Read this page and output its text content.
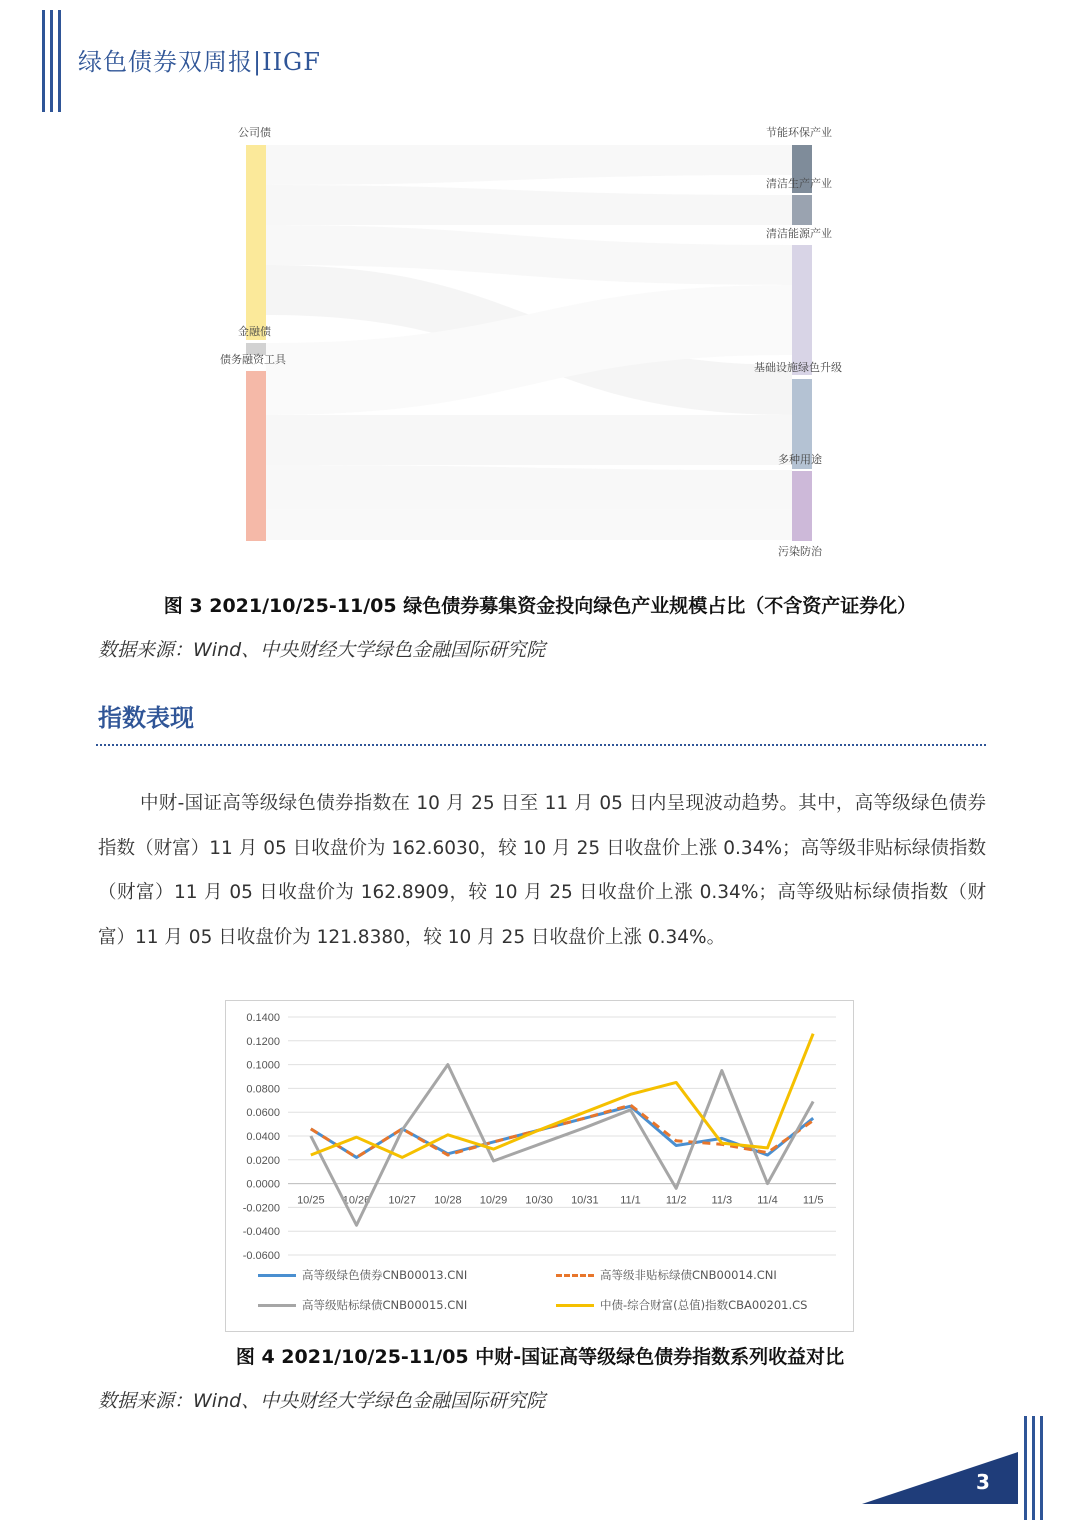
绿色债券双周报|IIGF
公司债
金融债
债务融资工具
节能环保产业
清洁生产产业
清洁能源产业
基础设施绿色升级
多种用途
污染防治
图 3 2021/10/25-11/05 绿色债券募集资金投向绿色产业规模占比（不含资产证券化）
数据来源：Wind、中央财经大学绿色金融国际研究院
指数表现
中财-国证高等级绿色债券指数在 10 月 25 日至 11 月 05 日内呈现波动趋势。其中，高等级绿色债券指数（财富）11 月 05 日收盘价为 162.6030，较 10 月 25 日收盘价上涨 0.34%；高等级非贴标绿债指数（财富）11 月 05 日收盘价为 162.8909，较 10 月 25 日收盘价上涨 0.34%；高等级贴标绿债指数（财富）11 月 05 日收盘价为 121.8380，较 10 月 25 日收盘价上涨 0.34%。
0.1400
0.1200
0.1000
0.0800
0.0600
0.0400
0.0200
0.0000
-0.0200
-0.0400
-0.0600
10/25 10/26 10/27 10/28 10/29 10/30 10/31 11/1 11/2 11/3 11/4 11/5
高等级绿色债券CNB00013.CNI	高等级非贴标绿债CNB00014.CNI
高等级贴标绿债CNB00015.CNI	中债-综合财富(总值)指数CBA00201.CS
图 4 2021/10/25-11/05 中财-国证高等级绿色债券指数系列收益对比
数据来源：Wind、中央财经大学绿色金融国际研究院
3
